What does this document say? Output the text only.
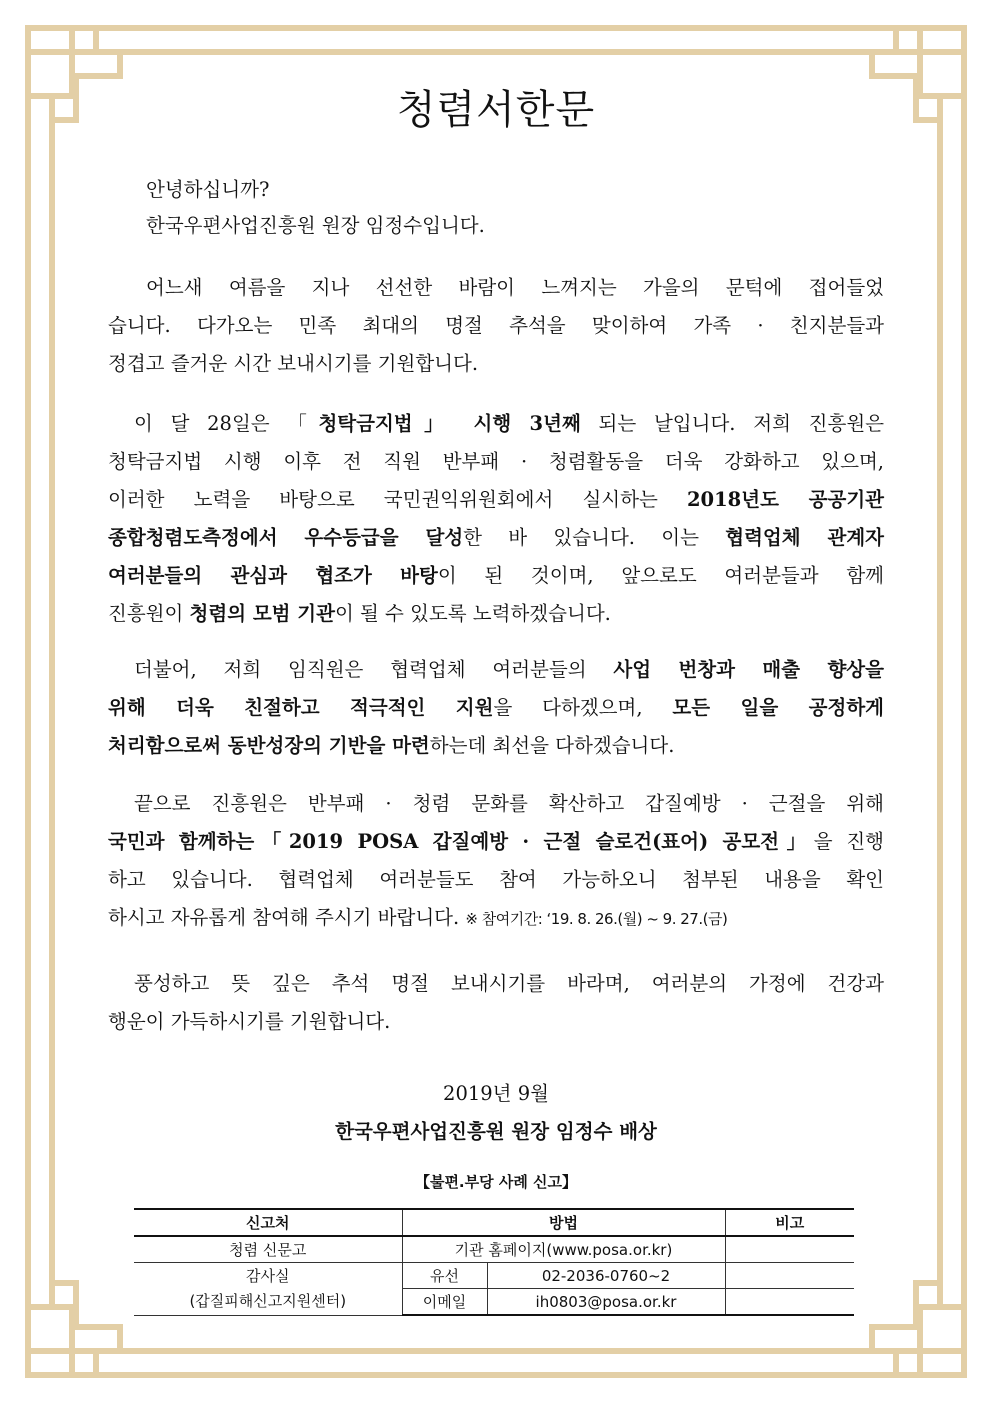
청렴서한문
안녕하십니까?
한국우편사업진흥원 원장 임정수입니다.
어느새 여름을 지나 선선한 바람이 느껴지는 가을의 문턱에 접어들었
습니다. 다가오는 민족 최대의 명절 추석을 맞이하여 가족 · 친지분들과
정겹고 즐거운 시간 보내시기를 기원합니다.
이 달 28일은 「청탁금지법」 시행 3년째 되는 날입니다. 저희 진흥원은
청탁금지법 시행 이후 전 직원 반부패 · 청렴활동을 더욱 강화하고 있으며,
이러한 노력을 바탕으로 국민권익위원회에서 실시하는 2018년도 공공기관
종합청렴도측정에서 우수등급을 달성한 바 있습니다. 이는 협력업체 관계자
여러분들의 관심과 협조가 바탕이 된 것이며, 앞으로도 여러분들과 함께
진흥원이 청렴의 모범 기관이 될 수 있도록 노력하겠습니다.
더불어, 저희 임직원은 협력업체 여러분들의 사업 번창과 매출 향상을
위해 더욱 친절하고 적극적인 지원을 다하겠으며, 모든 일을 공정하게
처리함으로써 동반성장의 기반을 마련하는데 최선을 다하겠습니다.
끝으로 진흥원은 반부패 · 청렴 문화를 확산하고 갑질예방 · 근절을 위해
국민과 함께하는「2019 POSA 갑질예방 · 근절 슬로건(표어) 공모전」을 진행
하고 있습니다. 협력업체 여러분들도 참여 가능하오니 첨부된 내용을 확인
하시고 자유롭게 참여해 주시기 바랍니다. ※ 참여기간: ‘19. 8. 26.(월) ~ 9. 27.(금)
풍성하고 뜻 깊은 추석 명절 보내시기를 바라며, 여러분의 가정에 건강과
행운이 가득하시기를 기원합니다.
2019년 9월
한국우편사업진흥원 원장 임정수 배상
【불편.부당 사례 신고】
신고처	방법		비고
청렴 신문고	기관 홈페이지(www.posa.or.kr)		

감사실
(갑질피해신고지원센터)	유선	02-2036-0760~2	
	이메일	ih0803@posa.or.kr	
